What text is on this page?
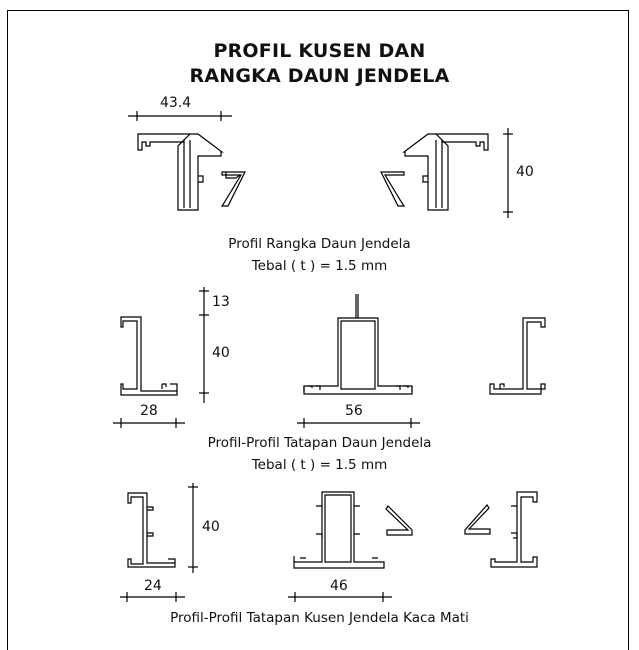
PROFIL KUSEN DAN
RANGKA DAUN JENDELA
43.4
40
13
40
28	56
40
24	46
Profil Rangka Daun Jendela
Tebal ( t ) = 1.5 mm
Profil-Profil Tatapan Daun Jendela
Tebal ( t ) = 1.5 mm
Profil-Profil Tatapan Kusen Jendela Kaca Mati
